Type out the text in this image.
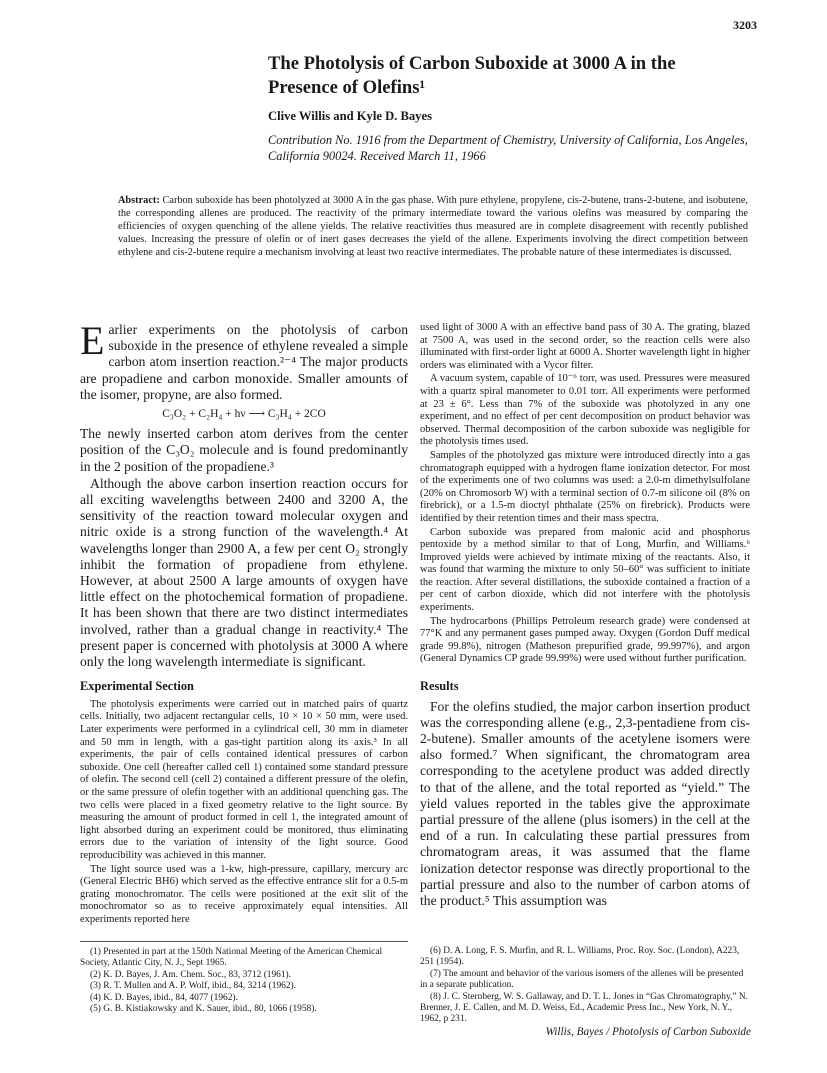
3203
The Photolysis of Carbon Suboxide at 3000 A in the Presence of Olefins¹
Clive Willis and Kyle D. Bayes
Contribution No. 1916 from the Department of Chemistry, University of California, Los Angeles, California 90024. Received March 11, 1966
Abstract: Carbon suboxide has been photolyzed at 3000 A in the gas phase. With pure ethylene, propylene, cis-2-butene, trans-2-butene, and isobutene, the corresponding allenes are produced. The reactivity of the primary intermediate toward the various olefins was measured by comparing the efficiencies of oxygen quenching of the allene yields. The relative reactivities thus measured are in complete disagreement with recently published values. Increasing the pressure of olefin or of inert gases decreases the yield of the allene. Experiments involving the direct competition between ethylene and cis-2-butene require a mechanism involving at least two reactive intermediates. The probable nature of these intermediates is discussed.

Earlier experiments on the photolysis of carbon suboxide in the presence of ethylene revealed a simple carbon atom insertion reaction.²⁻⁴ The major products are propadiene and carbon monoxide. Smaller amounts of the isomer, propyne, are also formed.

C₃O₂ + C₂H₄ + hν ⟶ C₃H₄ + 2CO

The newly inserted carbon atom derives from the center position of the C₃O₂ molecule and is found predominantly in the 2 position of the propadiene.³

Although the above carbon insertion reaction occurs for all exciting wavelengths between 2400 and 3200 A, the sensitivity of the reaction toward molecular oxygen and nitric oxide is a strong function of the wavelength.⁴ At wavelengths longer than 2900 A, a few per cent O₂ strongly inhibit the formation of propadiene from ethylene. However, at about 2500 A large amounts of oxygen have little effect on the photochemical formation of propadiene. It has been shown that there are two distinct intermediates involved, rather than a gradual change in reactivity.⁴ The present paper is concerned with photolysis at 3000 A where only the long wavelength intermediate is significant.

Experimental Section

The photolysis experiments were carried out in matched pairs of quartz cells. Initially, two adjacent rectangular cells, 10 × 10 × 50 mm, were used. Later experiments were performed in a cylindrical cell, 30 mm in diameter and 50 mm in length, with a gas-tight partition along its axis.³ In all experiments, the pair of cells contained identical pressures of carbon suboxide. One cell (hereafter called cell 1) contained some standard pressure of olefin. The second cell (cell 2) contained a different pressure of the olefin, or the same pressure of olefin together with an additional quenching gas. The two cells were placed in a fixed geometry relative to the light source. By measuring the amount of product formed in cell 1, the integrated amount of light absorbed during an experiment could be monitored, thus eliminating errors due to the variation of intensity of the light source. Good reproducibility was achieved in this manner.

The light source used was a 1-kw, high-pressure, capillary, mercury arc (General Electric BH6) which served as the effective entrance slit for a 0.5-m grating monochromator. The cells were positioned at the exit slit of the monochromator so as to receive approximately equal intensities. All experiments reported here

used light of 3000 A with an effective band pass of 30 A. The grating, blazed at 7500 A, was used in the second order, so the reaction cells were also illuminated with first-order light at 6000 A. Shorter wavelength light in higher orders was eliminated with a Vycor filter.

A vacuum system, capable of 10⁻⁶ torr, was used. Pressures were measured with a quartz spiral manometer to 0.01 torr. All experiments were performed at 23 ± 6°. Less than 7% of the suboxide was photolyzed in any one experiment, and no effect of per cent decomposition on product behavior was observed. Thermal decomposition of the carbon suboxide was negligible for the photolysis times used.

Samples of the photolyzed gas mixture were introduced directly into a gas chromatograph equipped with a hydrogen flame ionization detector. For most of the experiments one of two columns was used: a 2.0-m dimethylsulfolane (20% on Chromosorb W) with a terminal section of 0.7-m silicone oil (8% on firebrick), or a 1.5-m dioctyl phthalate (25% on firebrick). Products were identified by their retention times and their mass spectra.

Carbon suboxide was prepared from malonic acid and phosphorus pentoxide by a method similar to that of Long, Murfin, and Williams.⁶ Improved yields were achieved by intimate mixing of the reactants. Also, it was found that warming the mixture to only 50–60° was sufficient to initiate the reaction. After several distillations, the suboxide contained a fraction of a per cent of carbon dioxide, which did not interfere with the photolysis experiments.

The hydrocarbons (Phillips Petroleum research grade) were condensed at 77°K and any permanent gases pumped away. Oxygen (Gordon Duff medical grade 99.8%), nitrogen (Matheson prepurified grade, 99.997%), and argon (General Dynamics CP grade 99.99%) were used without further purification.

Results

For the olefins studied, the major carbon insertion product was the corresponding allene (e.g., 2,3-pentadiene from cis-2-butene). Smaller amounts of the acetylene isomers were also formed.⁷ When significant, the chromatogram area corresponding to the acetylene product was added directly to that of the allene, and the total reported as “yield.” The yield values reported in the tables give the approximate partial pressure of the allene (plus isomers) in the cell at the end of a run. In calculating these partial pressures from chromatogram areas, it was assumed that the flame ionization detector response was directly proportional to the partial pressure and also to the number of carbon atoms of the product.⁵ This assumption was

(1) Presented in part at the 150th National Meeting of the American Chemical Society, Atlantic City, N. J., Sept 1965.

(2) K. D. Bayes, J. Am. Chem. Soc., 83, 3712 (1961).

(3) R. T. Mullen and A. P. Wolf, ibid., 84, 3214 (1962).

(4) K. D. Bayes, ibid., 84, 4077 (1962).

(5) G. B. Kistiakowsky and K. Sauer, ibid., 80, 1066 (1958).

(6) D. A. Long, F. S. Murfin, and R. L. Williams, Proc. Roy. Soc. (London), A223, 251 (1954).

(7) The amount and behavior of the various isomers of the allenes will be presented in a separate publication.

(8) J. C. Sternberg, W. S. Gallaway, and D. T. L. Jones in “Gas Chromatography,” N. Brenner, J. E. Callen, and M. D. Weiss, Ed., Academic Press Inc., New York, N. Y., 1962, p 231.

Willis, Bayes / Photolysis of Carbon Suboxide
